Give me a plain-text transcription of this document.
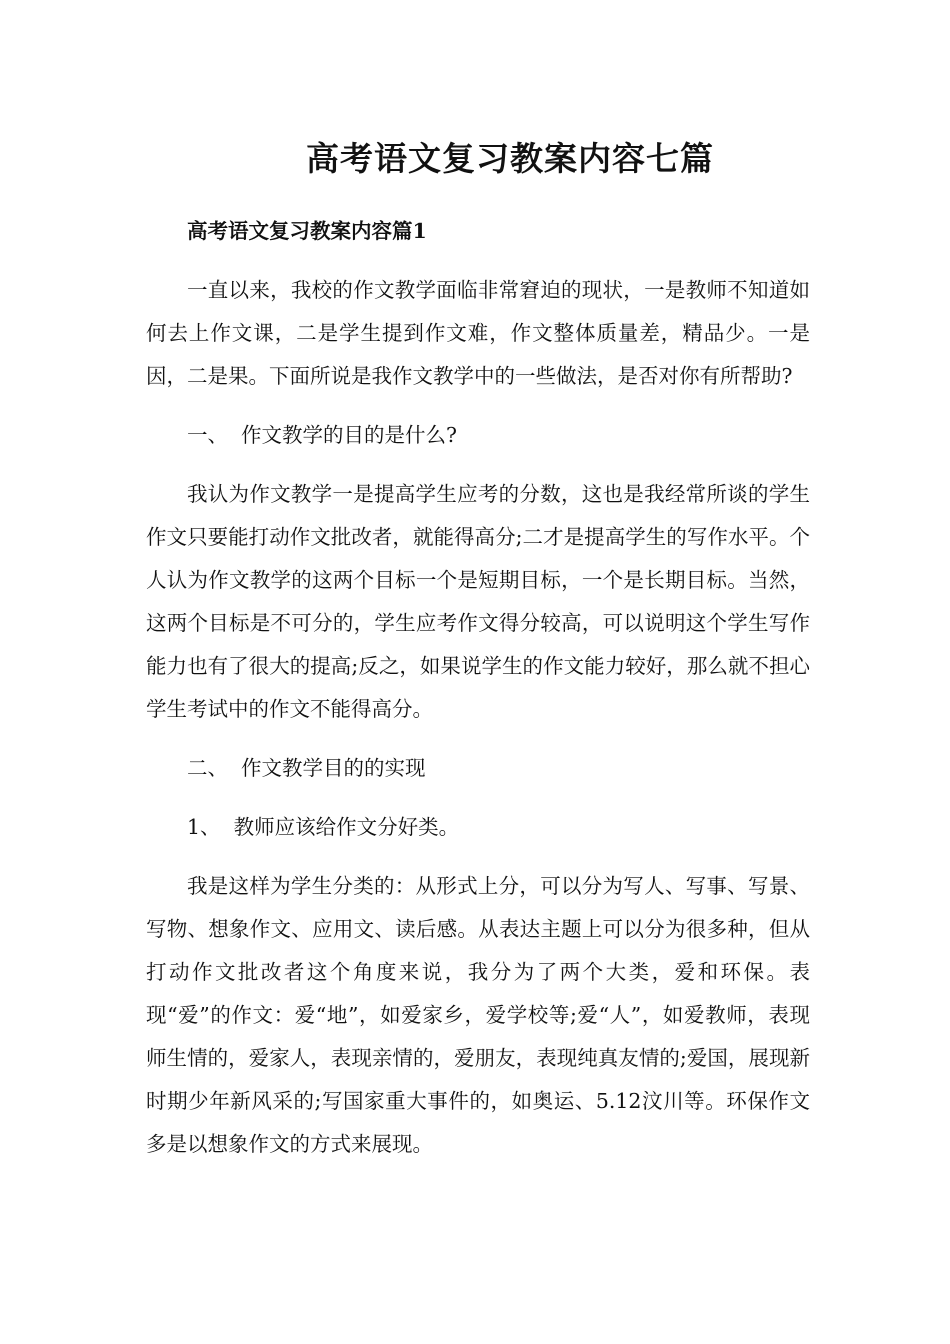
高考语文复习教案内容七篇

高考语文复习教案内容篇1

一直以来，我校的作文教学面临非常窘迫的现状，一是教师不知道如何去上作文课，二是学生提到作文难，作文整体质量差，精品少。一是因，二是果。下面所说是我作文教学中的一些做法，是否对你有所帮助?

一、  作文教学的目的是什么?

我认为作文教学一是提高学生应考的分数，这也是我经常所谈的学生作文只要能打动作文批改者，就能得高分;二才是提高学生的写作水平。个人认为作文教学的这两个目标一个是短期目标，一个是长期目标。当然，这两个目标是不可分的，学生应考作文得分较高，可以说明这个学生写作能力也有了很大的提高;反之，如果说学生的作文能力较好，那么就不担心学生考试中的作文不能得高分。

二、  作文教学目的的实现

1、  教师应该给作文分好类。

我是这样为学生分类的：从形式上分，可以分为写人、写事、写景、写物、想象作文、应用文、读后感。从表达主题上可以分为很多种，但从打动作文批改者这个角度来说，我分为了两个大类，爱和环保。表现“爱”的作文：爱“地”，如爱家乡，爱学校等;爱“人”，如爱教师，表现师生情的，爱家人，表现亲情的，爱朋友，表现纯真友情的;爱国，展现新时期少年新风采的;写国家重大事件的，如奥运、5.12汶川等。环保作文多是以想象作文的方式来展现。
